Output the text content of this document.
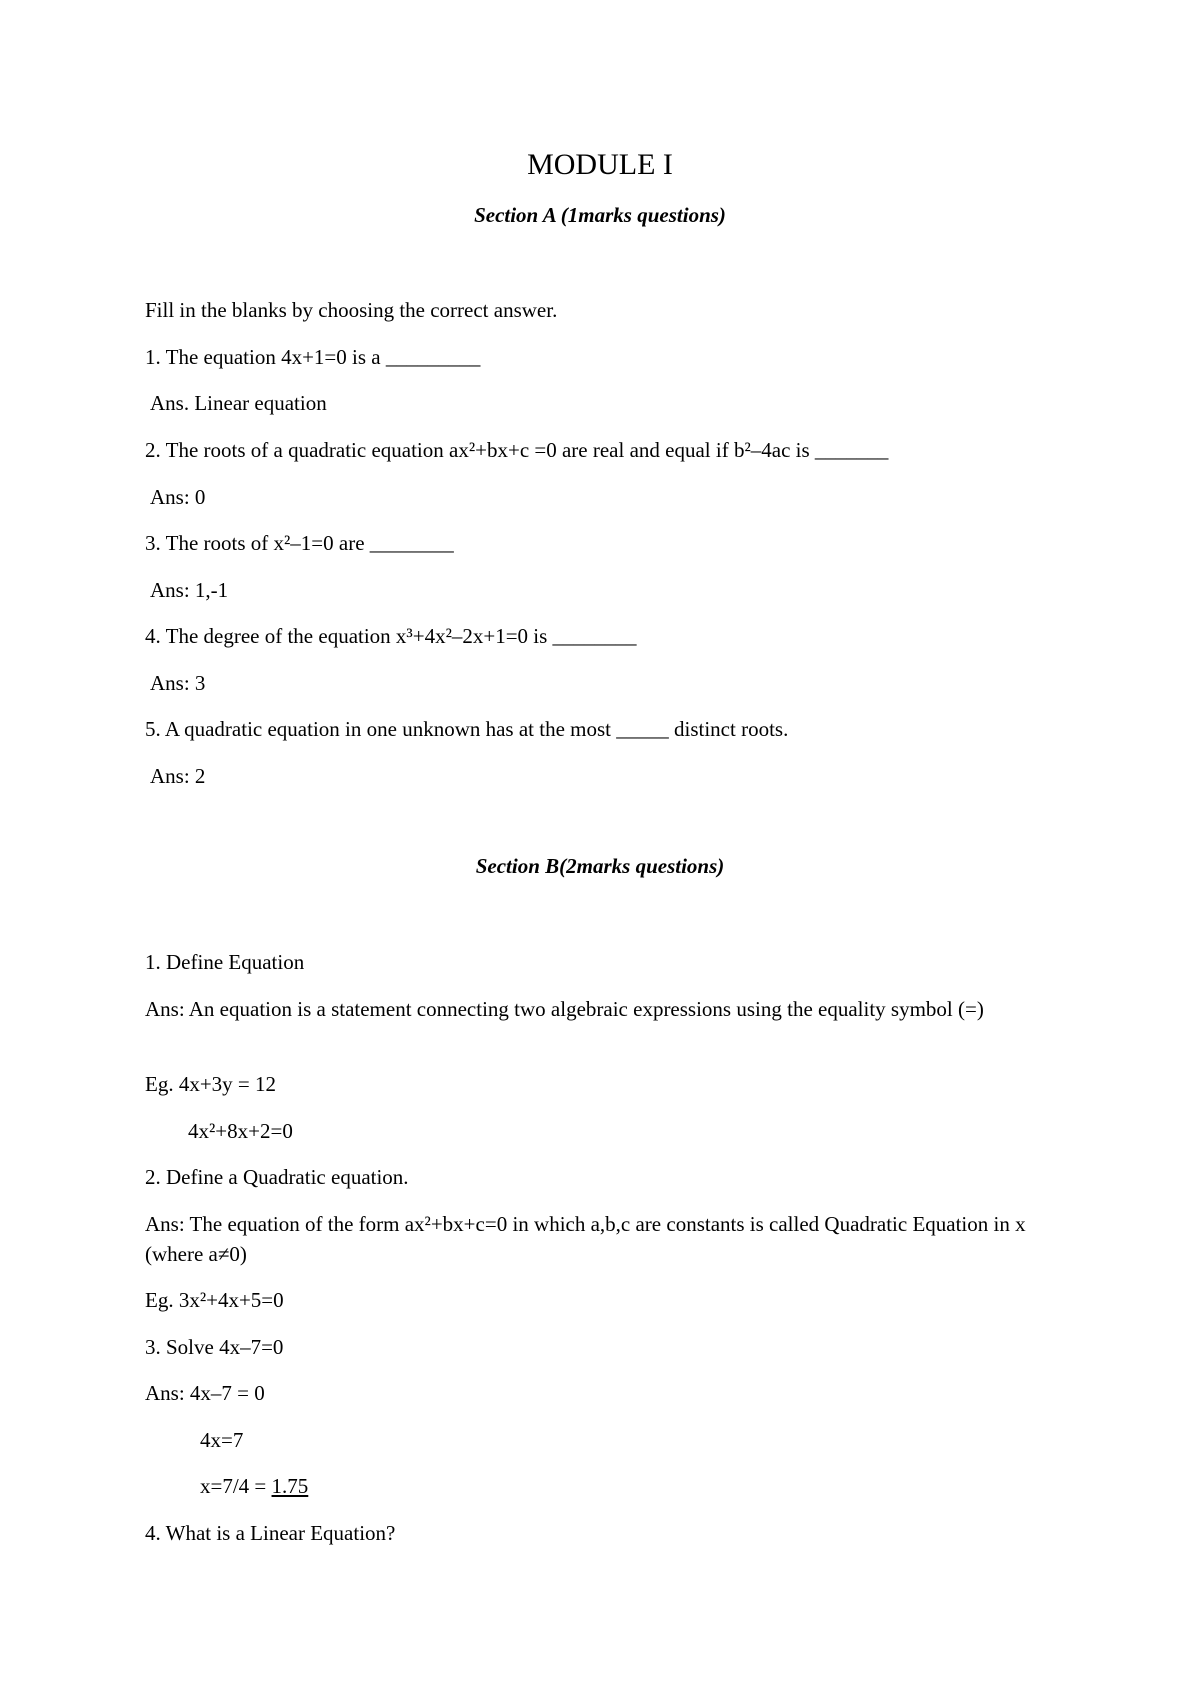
MODULE I
Section A (1marks questions)
Fill in the blanks by choosing the correct answer.
1. The equation 4x+1=0 is a _________
Ans. Linear equation
2. The roots of a quadratic equation ax²+bx+c =0 are real and equal if b²–4ac is _______
Ans: 0
3. The roots of x²–1=0 are ________
Ans: 1,-1
4. The degree of the equation x³+4x²–2x+1=0 is ________
Ans: 3
5. A quadratic equation in one unknown has at the most _____ distinct roots.
Ans: 2
Section B(2marks questions)
1. Define Equation
Ans: An equation is a statement connecting two algebraic expressions using the equality symbol (=)
Eg. 4x+3y = 12
4x²+8x+2=0
2. Define a Quadratic equation.
Ans: The equation of the form ax²+bx+c=0 in which a,b,c are constants is called Quadratic Equation in x (where a≠0)
Eg. 3x²+4x+5=0
3. Solve 4x–7=0
Ans: 4x–7 = 0
4x=7
x=7/4 = 1.75
4. What is a Linear Equation?
